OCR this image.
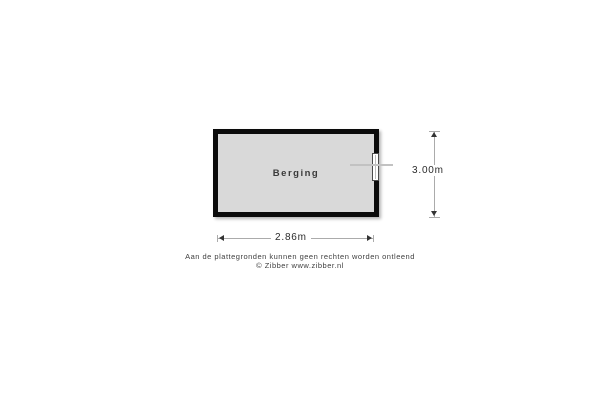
Berging	3.00m
2.86m
Aan de plattegronden kunnen geen rechten worden ontleend
© Zibber www.zibber.nl
